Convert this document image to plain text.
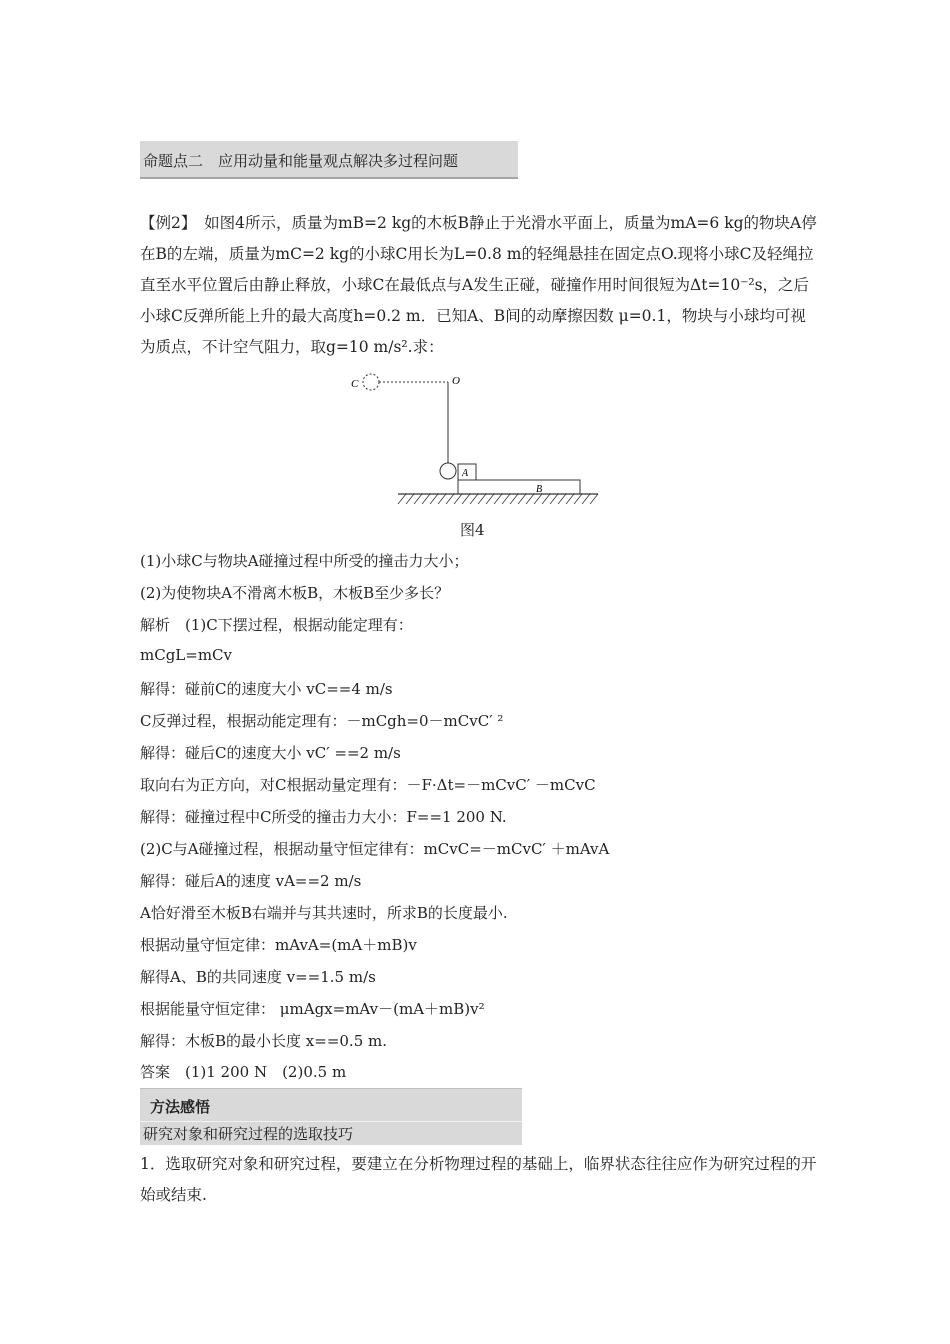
命题点二　应用动量和能量观点解决多过程问题
【例2】　如图4所示，质量为mB=2 kg的木板B静止于光滑水平面上，质量为mA=6 kg的物块A停在B的左端，质量为mC=2 kg的小球C用长为L=0.8 m的轻绳悬挂在固定点O.现将小球C及轻绳拉直至水平位置后由静止释放，小球C在最低点与A发生正碰，碰撞作用时间很短为Δt=10⁻²s，之后小球C反弹所能上升的最大高度h=0.2 m．已知A、B间的动摩擦因数 μ=0.1，物块与小球均可视为质点，不计空气阻力，取g=10 m/s².求：
C	O
A
B
图4
(1)小球C与物块A碰撞过程中所受的撞击力大小；
(2)为使物块A不滑离木板B，木板B至少多长？
解析　(1)C下摆过程，根据动能定理有：
mCgL=mCv
解得：碰前C的速度大小 vC==4 m/s
C反弹过程，根据动能定理有：－mCgh=0－mCvC′ ²
解得：碰后C的速度大小 vC′ ==2 m/s
取向右为正方向，对C根据动量定理有：－F·Δt=－mCvC′ －mCvC
解得：碰撞过程中C所受的撞击力大小：F==1 200 N.
(2)C与A碰撞过程，根据动量守恒定律有：mCvC=－mCvC′ ＋mAvA
解得：碰后A的速度 vA==2 m/s
A恰好滑至木板B右端并与其共速时，所求B的长度最小.
根据动量守恒定律：mAvA=(mA＋mB)v
解得A、B的共同速度 v==1.5 m/s
根据能量守恒定律： μmAgx=mAv－(mA＋mB)v²
解得：木板B的最小长度 x==0.5 m.
答案　(1)1 200 N　(2)0.5 m
方法感悟
研究对象和研究过程的选取技巧
1．选取研究对象和研究过程，要建立在分析物理过程的基础上，临界状态往往应作为研究过程的开始或结束.
